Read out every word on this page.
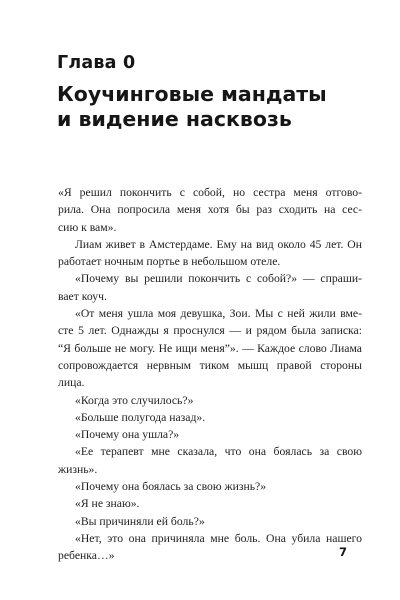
Глава 0
Коучинговые мандаты
и видение насквозь
«Я решил покончить с собой, но сестра меня отгово-
рила. Она попросила меня хотя бы раз сходить на сес-
сию к вам».
Лиам живет в Амстердаме. Ему на вид около 45 лет. Он
работает ночным портье в небольшом отеле.
«Почему вы решили покончить с собой?» — спраши-
вает коуч.
«От меня ушла моя девушка, Зои. Мы с ней жили вме-
сте 5 лет. Однажды я проснулся — и рядом была записка:
“Я больше не могу. Не ищи меня”». — Каждое слово Лиама
сопровождается нервным тиком мышц правой стороны
лица.
«Когда это случилось?»
«Больше полугода назад».
«Почему она ушла?»
«Ее терапевт мне сказала, что она боялась за свою
жизнь».
«Почему она боялась за свою жизнь?»
«Я не знаю».
«Вы причиняли ей боль?»
«Нет, это она причиняла мне боль. Она убила нашего
ребенка…»	7
